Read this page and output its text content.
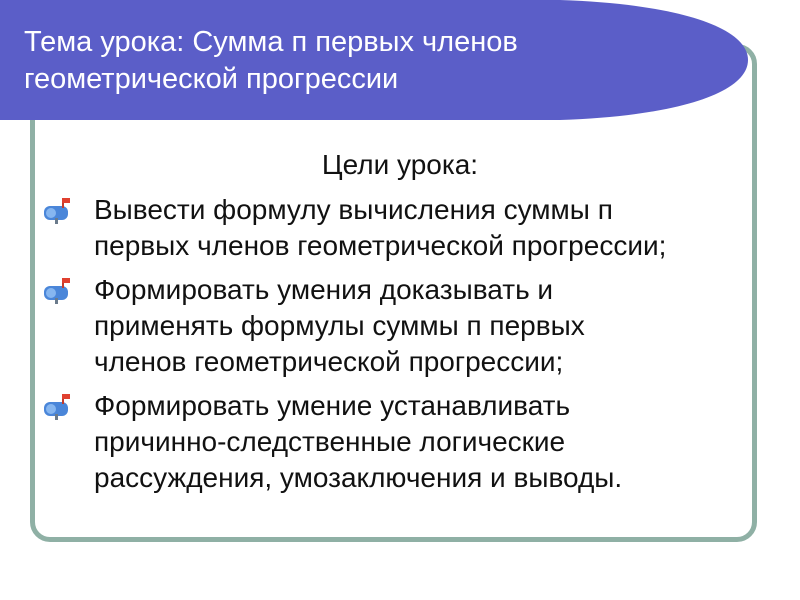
Тема урока: Сумма п первых членов
геометрической прогрессии
Цели урока:
Вывести формулу вычисления суммы п
первых членов геометрической прогрессии;
Формировать умения доказывать и
применять формулы суммы п первых
членов геометрической прогрессии;
Формировать умение устанавливать
причинно-следственные логические
рассуждения, умозаключения и выводы.
